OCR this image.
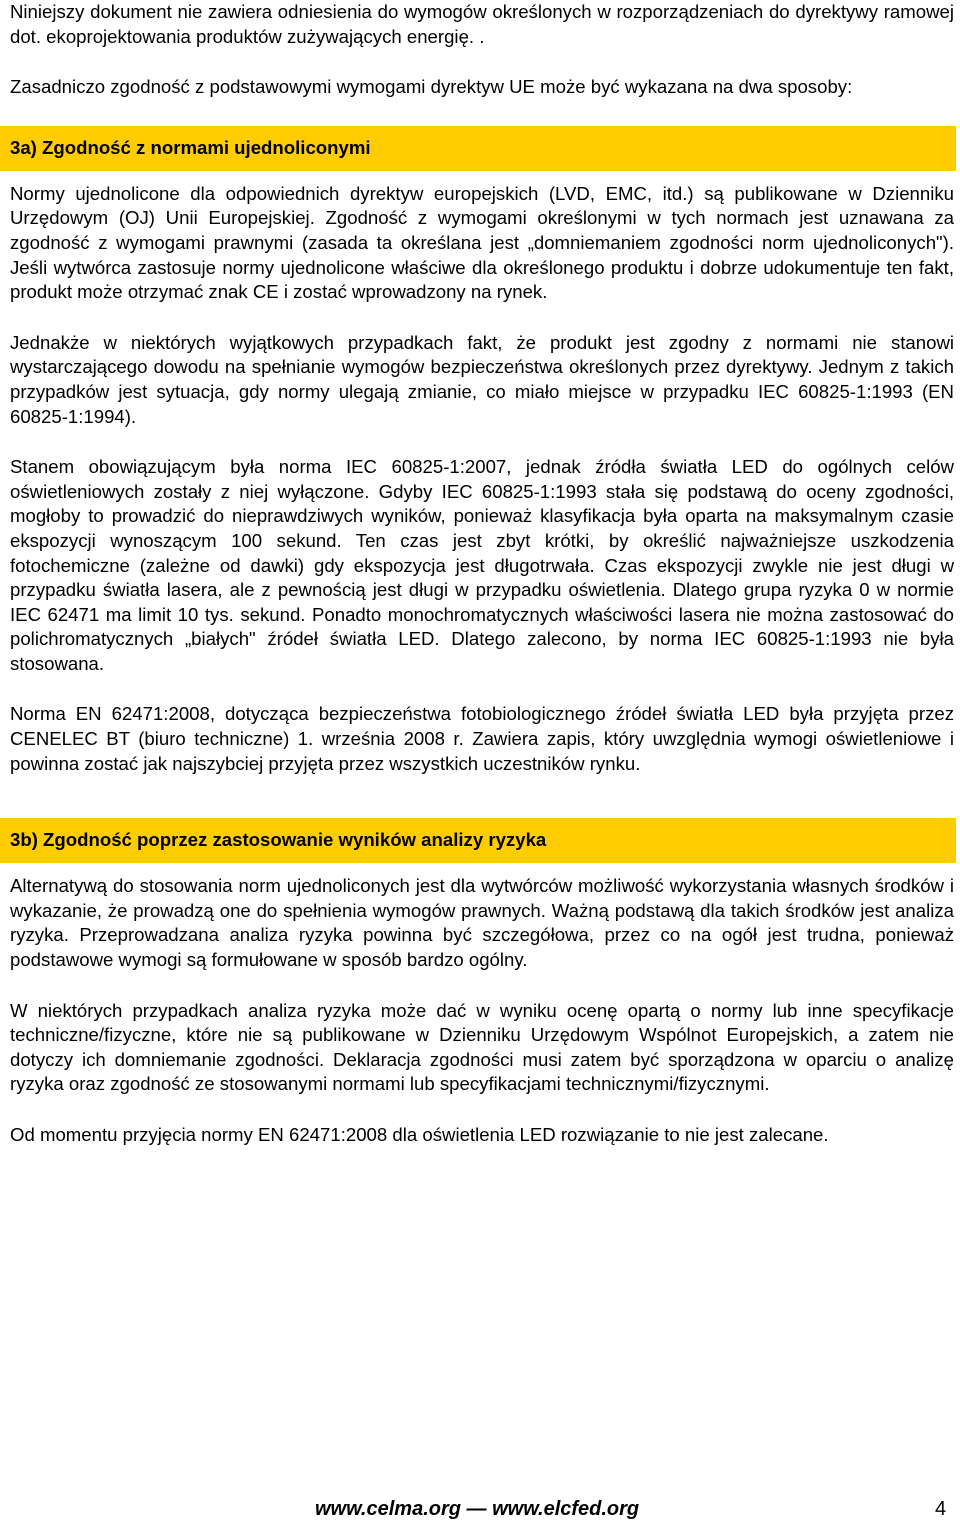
Niniejszy dokument nie zawiera odniesienia do wymogów określonych w rozporządzeniach do dyrektywy ramowej dot. ekoprojektowania produktów zużywających energię. .

Zasadniczo zgodność z podstawowymi wymogami dyrektyw UE może być wykazana na dwa sposoby:

3a) Zgodność z normami ujednoliconymi

Normy ujednolicone dla odpowiednich dyrektyw europejskich (LVD, EMC, itd.) są publikowane w Dzienniku Urzędowym (OJ) Unii Europejskiej. Zgodność z wymogami określonymi w tych normach jest uznawana za zgodność z wymogami prawnymi (zasada ta określana jest „domniemaniem zgodności norm ujednoliconych"). Jeśli wytwórca zastosuje normy ujednolicone właściwe dla określonego produktu i dobrze udokumentuje ten fakt, produkt może otrzymać znak CE i zostać wprowadzony na rynek.

Jednakże w niektórych wyjątkowych przypadkach fakt, że produkt jest zgodny z normami nie stanowi wystarczającego dowodu na spełnianie wymogów bezpieczeństwa określonych przez dyrektywy. Jednym z takich przypadków jest sytuacja, gdy normy ulegają zmianie, co miało miejsce w przypadku IEC 60825-1:1993 (EN 60825-1:1994).

Stanem obowiązującym była norma IEC 60825-1:2007, jednak źródła światła LED do ogólnych celów oświetleniowych zostały z niej wyłączone. Gdyby IEC 60825-1:1993 stała się podstawą do oceny zgodności, mogłoby to prowadzić do nieprawdziwych wyników, ponieważ klasyfikacja była oparta na maksymalnym czasie ekspozycji wynoszącym 100 sekund. Ten czas jest zbyt krótki, by określić najważniejsze uszkodzenia fotochemiczne (zależne od dawki) gdy ekspozycja jest długotrwała. Czas ekspozycji zwykle nie jest długi w przypadku światła lasera, ale z pewnością jest długi w przypadku oświetlenia. Dlatego grupa ryzyka 0 w normie IEC 62471 ma limit 10 tys. sekund. Ponadto monochromatycznych właściwości lasera nie można zastosować do polichromatycznych „białych" źródeł światła LED. Dlatego zalecono, by norma IEC 60825-1:1993 nie była stosowana.

Norma EN 62471:2008, dotycząca bezpieczeństwa fotobiologicznego źródeł światła LED była przyjęta przez CENELEC BT (biuro techniczne) 1. września 2008 r. Zawiera zapis, który uwzględnia wymogi oświetleniowe i powinna zostać jak najszybciej przyjęta przez wszystkich uczestników rynku.

3b) Zgodność poprzez zastosowanie wyników analizy ryzyka

Alternatywą do stosowania norm ujednoliconych jest dla wytwórców możliwość wykorzystania własnych środków i wykazanie, że prowadzą one do spełnienia wymogów prawnych. Ważną podstawą dla takich środków jest analiza ryzyka. Przeprowadzana analiza ryzyka powinna być szczegółowa, przez co na ogół jest trudna, ponieważ podstawowe wymogi są formułowane w sposób bardzo ogólny.

W niektórych przypadkach analiza ryzyka może dać w wyniku ocenę opartą o normy lub inne specyfikacje techniczne/fizyczne, które nie są publikowane w Dzienniku Urzędowym Wspólnot Europejskich, a zatem nie dotyczy ich domniemanie zgodności. Deklaracja zgodności musi zatem być sporządzona w oparciu o analizę ryzyka oraz zgodność ze stosowanymi normami lub specyfikacjami technicznymi/fizycznymi.

Od momentu przyjęcia normy EN 62471:2008 dla oświetlenia LED rozwiązanie to nie jest zalecane.

www.celma.org — www.elcfed.org	4
